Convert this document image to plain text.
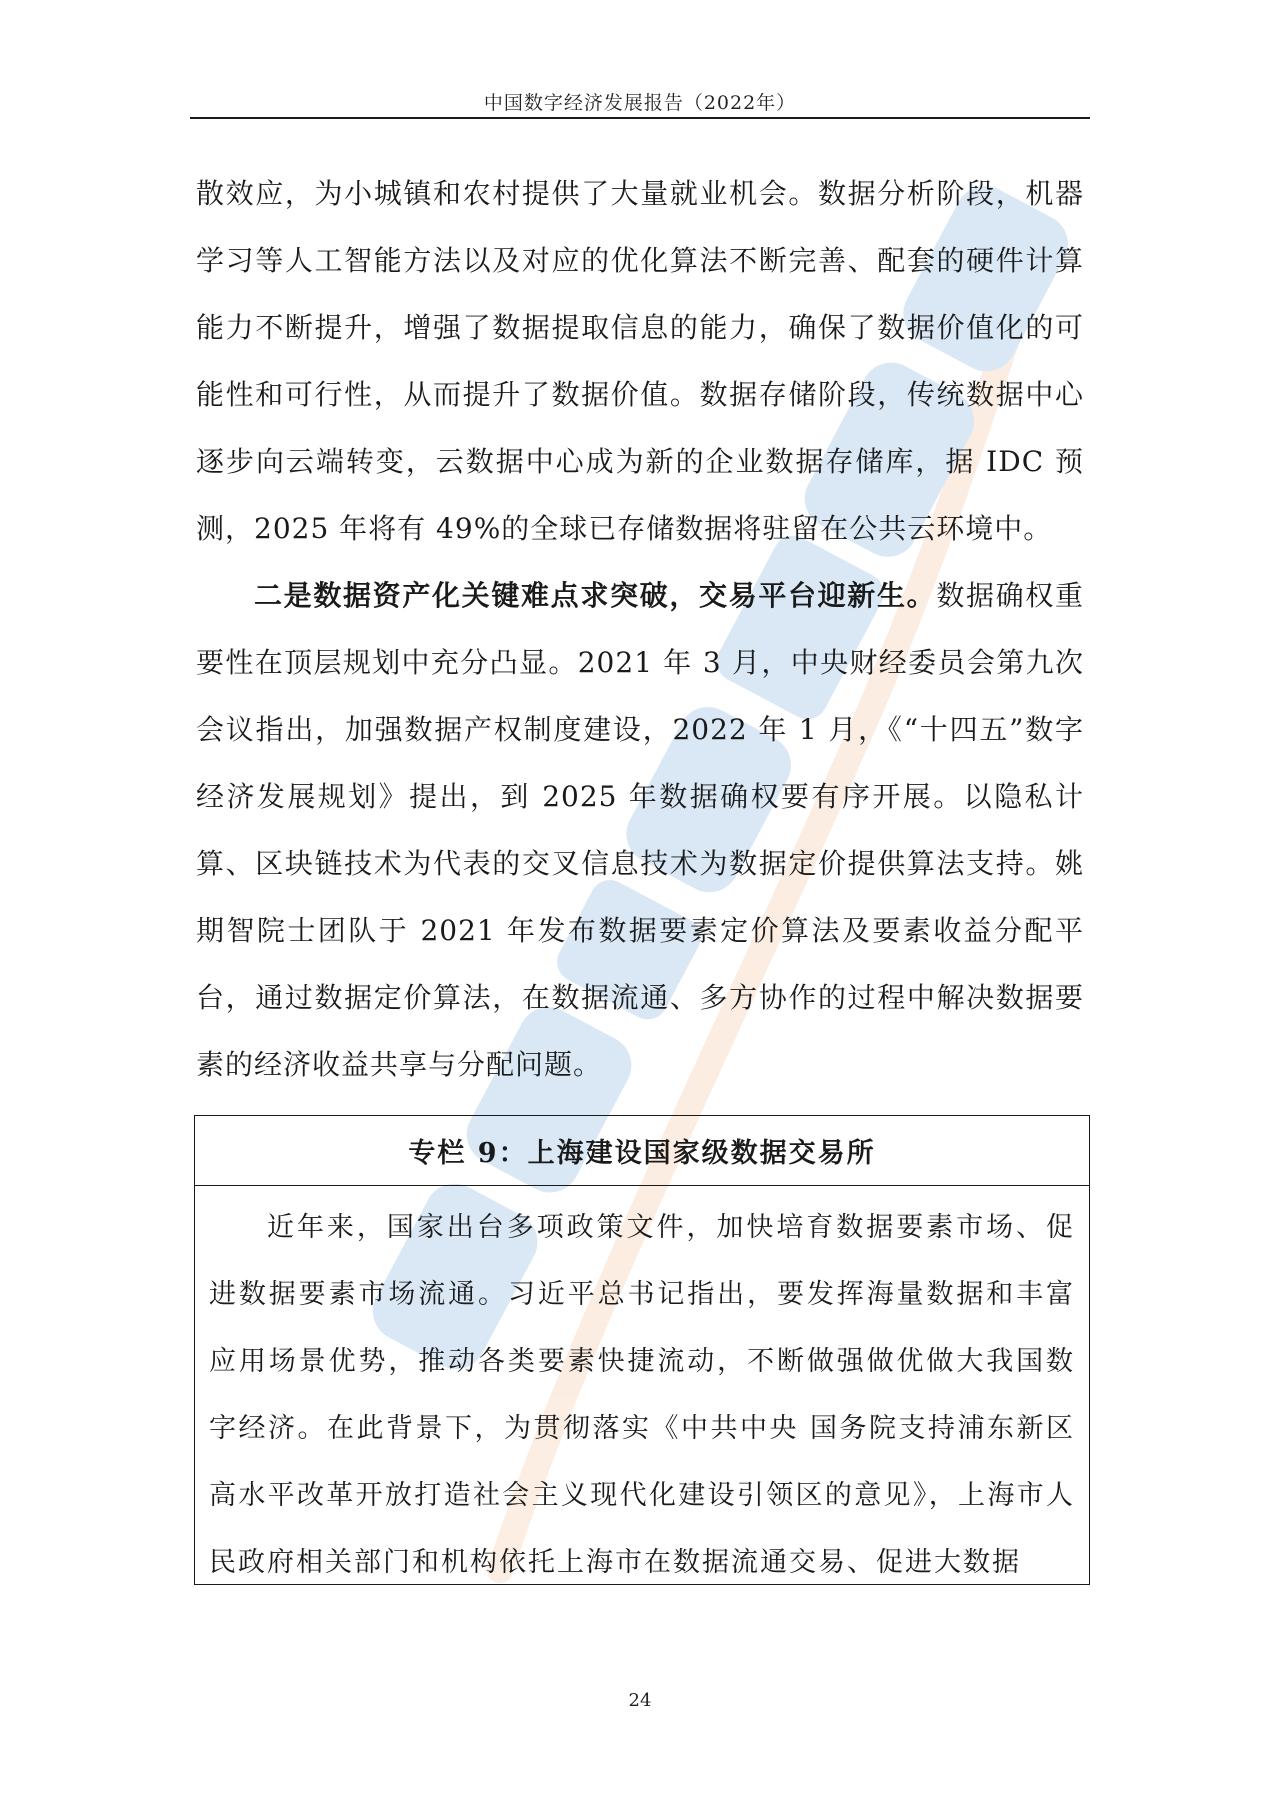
中国数字经济发展报告（2022年）

散效应，为小城镇和农村提供了大量就业机会。数据分析阶段，机器学习等人工智能方法以及对应的优化算法不断完善、配套的硬件计算能力不断提升，增强了数据提取信息的能力，确保了数据价值化的可能性和可行性，从而提升了数据价值。数据存储阶段，传统数据中心逐步向云端转变，云数据中心成为新的企业数据存储库，据 IDC 预测，2025 年将有 49%的全球已存储数据将驻留在公共云环境中。

二是数据资产化关键难点求突破，交易平台迎新生。数据确权重要性在顶层规划中充分凸显。2021 年 3 月，中央财经委员会第九次会议指出，加强数据产权制度建设，2022 年 1 月，《“十四五”数字经济发展规划》提出，到 2025 年数据确权要有序开展。以隐私计算、区块链技术为代表的交叉信息技术为数据定价提供算法支持。姚期智院士团队于 2021 年发布数据要素定价算法及要素收益分配平台，通过数据定价算法，在数据流通、多方协作的过程中解决数据要素的经济收益共享与分配问题。

专栏 9：上海建设国家级数据交易所

近年来，国家出台多项政策文件，加快培育数据要素市场、促进数据要素市场流通。习近平总书记指出，要发挥海量数据和丰富应用场景优势，推动各类要素快捷流动，不断做强做优做大我国数字经济。在此背景下，为贯彻落实《中共中央 国务院支持浦东新区高水平改革开放打造社会主义现代化建设引领区的意见》，上海市人民政府相关部门和机构依托上海市在数据流通交易、促进大数据

24
